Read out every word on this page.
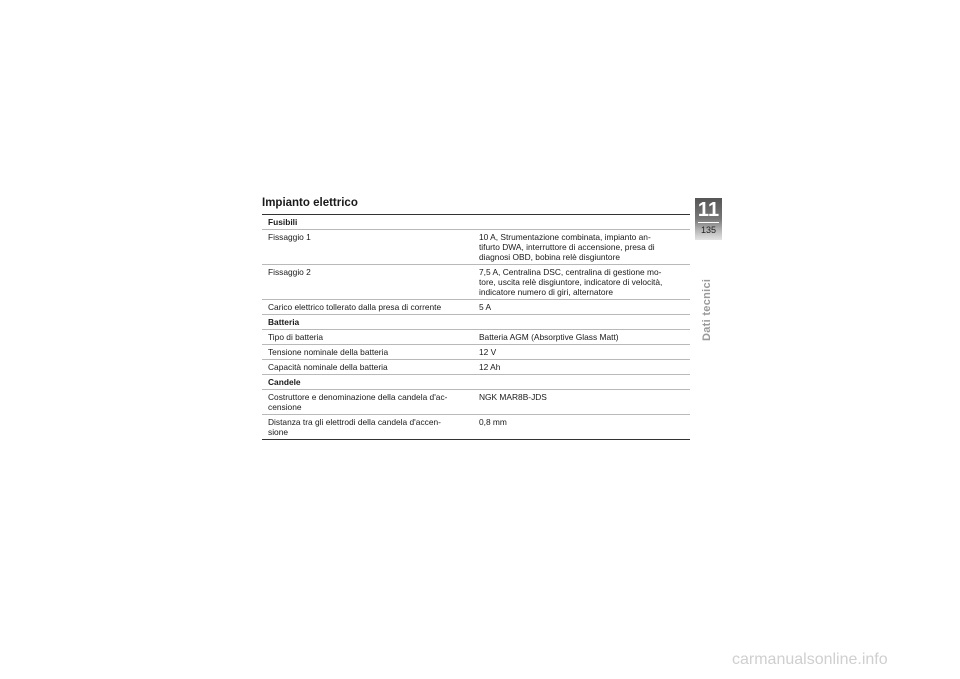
Impianto elettrico
Fusibili	
Fissaggio 1	10 A, Strumentazione combinata, impianto an-
tifurto DWA, interruttore di accensione, presa di
diagnosi OBD, bobina relè disgiuntore
Fissaggio 2	7,5 A, Centralina DSC, centralina di gestione mo-
tore, uscita relè disgiuntore, indicatore di velocità,
indicatore numero di giri, alternatore
Carico elettrico tollerato dalla presa di corrente	5 A
Batteria	
Tipo di batteria	Batteria AGM (Absorptive Glass Matt)
Tensione nominale della batteria	12 V
Capacità nominale della batteria	12 Ah
Candele	
Costruttore e denominazione della candela d'ac-
censione	NGK MAR8B-JDS
Distanza tra gli elettrodi della candela d'accen-
sione	0,8 mm
11
135
Dati tecnici
carmanualsonline.info
